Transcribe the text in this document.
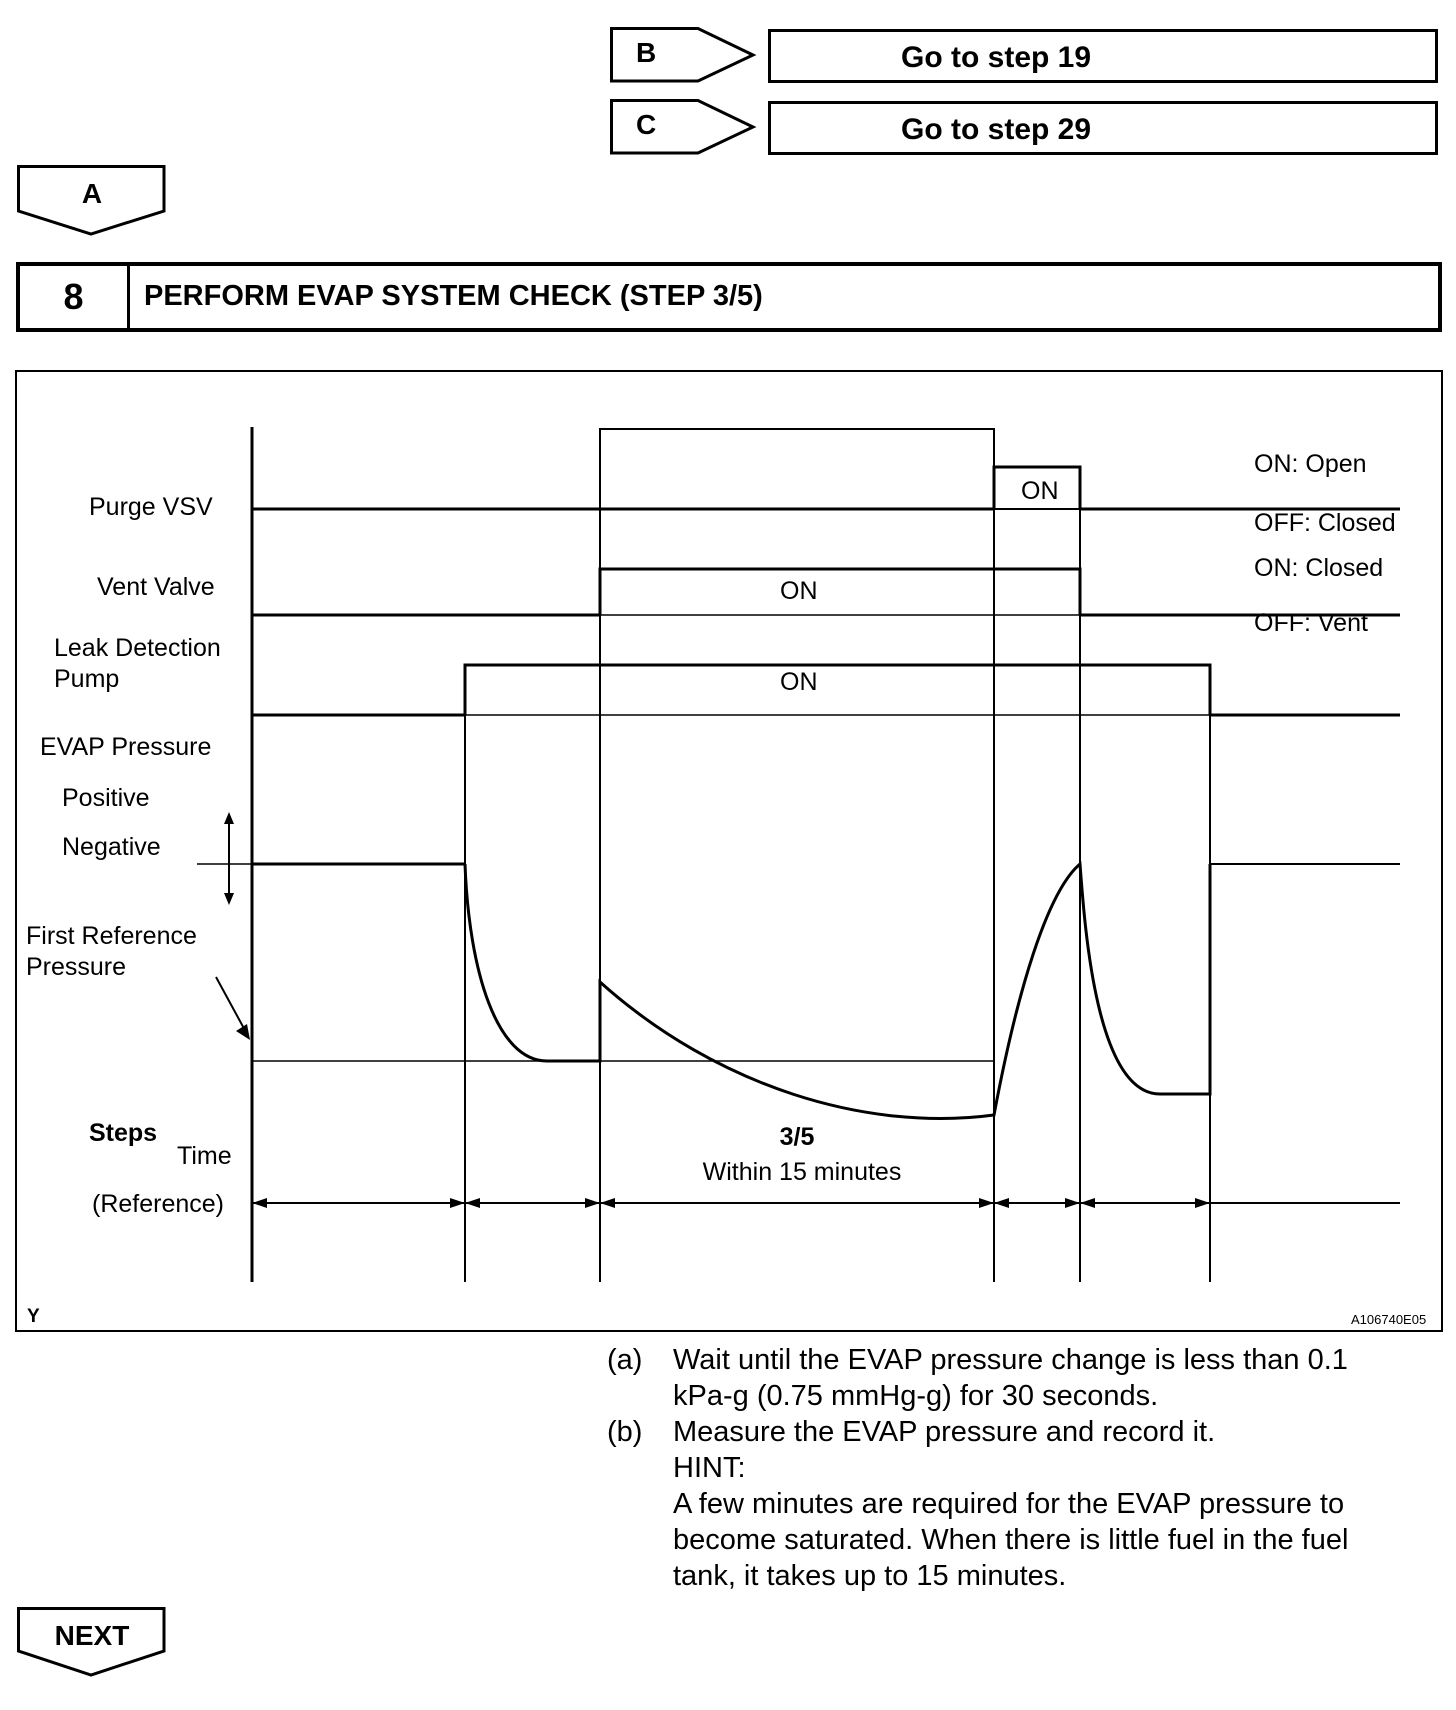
B	Go to step 19
C	Go to step 29
A
8	PERFORM EVAP SYSTEM CHECK (STEP 3/5)
Purge VSV
Vent Valve
Leak Detection
Pump
EVAP Pressure
Positive
Negative
First Reference
Pressure
Steps
Time
(Reference)
ON
ON
ON
ON: Open
OFF: Closed
ON: Closed
OFF: Vent
3/5
Within 15 minutes
Y	A106740E05
(a) Wait until the EVAP pressure change is less than 0.1
kPa-g (0.75 mmHg-g) for 30 seconds.
(b) Measure the EVAP pressure and record it.
HINT:
A few minutes are required for the EVAP pressure to
become saturated. When there is little fuel in the fuel
tank, it takes up to 15 minutes.
NEXT
